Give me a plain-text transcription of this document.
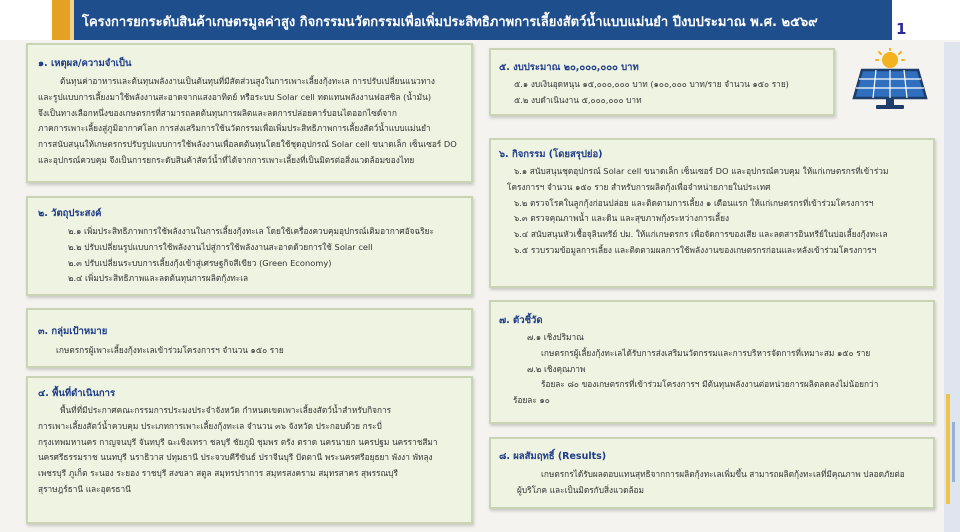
โครงการยกระดับสินค้าเกษตรมูลค่าสูง กิจกรรมนวัตกรรมเพื่อเพิ่มประสิทธิภาพการเลี้ยงสัตว์น้ำแบบแม่นยำ ปีงบประมาณ พ.ศ. ๒๕๖๙	1
๑. เหตุผล/ความจำเป็น
ต้นทุนค่าอาหารและต้นทุนพลังงานเป็นต้นทุนที่มีสัดส่วนสูงในการเพาะเลี้ยงกุ้งทะเล การปรับเปลี่ยนแนวทาง
และรูปแบบการเลี้ยงมาใช้พลังงานสะอาดจากแสงอาทิตย์ หรือระบบ Solar cell ทดแทนพลังงานฟอสซิล (น้ำมัน)
จึงเป็นทางเลือกหนึ่งของเกษตรกรที่สามารถลดต้นทุนการผลิตและลดการปล่อยคาร์บอนไดออกไซด์จาก
ภาคการเพาะเลี้ยงสู่ภูมิอากาศโลก การส่งเสริมการใช้นวัตกรรมเพื่อเพิ่มประสิทธิภาพการเลี้ยงสัตว์น้ำแบบแม่นยำ
การสนับสนุนให้เกษตรกรปรับรูปแบบการใช้พลังงานเพื่อลดต้นทุนโดยใช้ชุดอุปกรณ์ Solar cell ขนาดเล็ก เซ็นเซอร์ DO
และอุปกรณ์ควบคุม จึงเป็นการยกระดับสินค้าสัตว์น้ำที่ได้จากการเพาะเลี้ยงที่เป็นมิตรต่อสิ่งแวดล้อมของไทย
๒. วัตถุประสงค์
๒.๑ เพิ่มประสิทธิภาพการใช้พลังงานในการเลี้ยงกุ้งทะเล โดยใช้เครื่องควบคุมอุปกรณ์เติมอากาศอัจฉริยะ
๒.๒ ปรับเปลี่ยนรูปแบบการใช้พลังงานไปสู่การใช้พลังงานสะอาดด้วยการใช้ Solar cell
๒.๓ ปรับเปลี่ยนระบบการเลี้ยงกุ้งเข้าสู่เศรษฐกิจสีเขียว (Green Economy)
๒.๔ เพิ่มประสิทธิภาพและลดต้นทุนการผลิตกุ้งทะเล
๓. กลุ่มเป้าหมาย
เกษตรกรผู้เพาะเลี้ยงกุ้งทะเลเข้าร่วมโครงการฯ จำนวน ๑๕๐ ราย
๔. พื้นที่ดำเนินการ
พื้นที่ที่มีประกาศคณะกรรมการประมงประจำจังหวัด กำหนดเขตเพาะเลี้ยงสัตว์น้ำสำหรับกิจการ
การเพาะเลี้ยงสัตว์น้ำควบคุม ประเภทการเพาะเลี้ยงกุ้งทะเล จำนวน ๓๖ จังหวัด ประกอบด้วย กระบี่
กรุงเทพมหานคร กาญจนบุรี จันทบุรี ฉะเชิงเทรา ชลบุรี ชัยภูมิ ชุมพร ตรัง ตราด นครนายก นครปฐม นครราชสีมา
นครศรีธรรมราช นนทบุรี นราธิวาส ปทุมธานี ประจวบคีรีขันธ์ ปราจีนบุรี ปัตตานี พระนครศรีอยุธยา พังงา พัทลุง
เพชรบุรี ภูเก็ต ระนอง ระยอง ราชบุรี สงขลา สตูล สมุทรปราการ สมุทรสงคราม สมุทรสาคร สุพรรณบุรี
สุราษฎร์ธานี และอุดรธานี
๕. งบประมาณ ๒๐,๐๐๐,๐๐๐ บาท
๕.๑ งบเงินอุดหนุน ๑๕,๐๐๐,๐๐๐ บาท (๑๐๐,๐๐๐ บาท/ราย จำนวน ๑๕๐ ราย)
๕.๒ งบดำเนินงาน ๕,๐๐๐,๐๐๐ บาท
๖. กิจกรรม (โดยสรุปย่อ)
๖.๑ สนับสนุนชุดอุปกรณ์ Solar cell ขนาดเล็ก เซ็นเซอร์ DO และอุปกรณ์ควบคุม ให้แก่เกษตรกรที่เข้าร่วม
โครงการฯ จำนวน ๑๕๐ ราย สำหรับการผลิตกุ้งเพื่อจำหน่ายภายในประเทศ
๖.๒ ตรวจโรคในลูกกุ้งก่อนปล่อย และติดตามการเลี้ยง ๑ เดือนแรก ให้แก่เกษตรกรที่เข้าร่วมโครงการฯ
๖.๓ ตรวจคุณภาพน้ำ และดิน และสุขภาพกุ้งระหว่างการเลี้ยง
๖.๔ สนับสนุนหัวเชื้อจุลินทรีย์ ปม. ให้แก่เกษตรกร เพื่อจัดการของเสีย และลดสารอินทรีย์ในบ่อเลี้ยงกุ้งทะเล
๖.๕ รวบรวมข้อมูลการเลี้ยง และติดตามผลการใช้พลังงานของเกษตรกรก่อนและหลังเข้าร่วมโครงการฯ
๗. ตัวชี้วัด
๗.๑ เชิงปริมาณ
เกษตรกรผู้เลี้ยงกุ้งทะเลได้รับการส่งเสริมนวัตกรรมและการบริหารจัดการที่เหมาะสม ๑๕๐ ราย
๗.๒ เชิงคุณภาพ
ร้อยละ ๘๐ ของเกษตรกรที่เข้าร่วมโครงการฯ มีต้นทุนพลังงานต่อหน่วยการผลิตลดลงไม่น้อยกว่า
ร้อยละ ๑๐
๘. ผลสัมฤทธิ์ (Results)
เกษตรกรได้รับผลตอบแทนสุทธิจากการผลิตกุ้งทะเลเพิ่มขึ้น สามารถผลิตกุ้งทะเลที่มีคุณภาพ ปลอดภัยต่อ
ผู้บริโภค และเป็นมิตรกับสิ่งแวดล้อม
